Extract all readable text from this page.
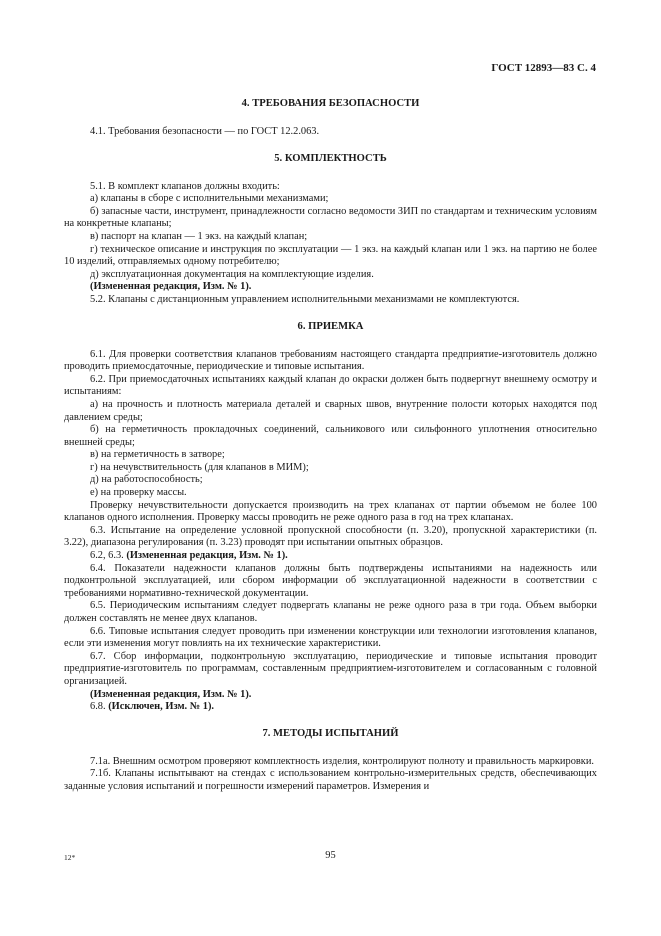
ГОСТ 12893—83 С. 4
4. ТРЕБОВАНИЯ БЕЗОПАСНОСТИ

4.1. Требования безопасности — по ГОСТ 12.2.063.

5. КОМПЛЕКТНОСТЬ

5.1. В комплект клапанов должны входить:

а) клапаны в сборе с исполнительными механизмами;

б) запасные части, инструмент, принадлежности согласно ведомости ЗИП по стандартам и техническим условиям на конкретные клапаны;

в) паспорт на клапан — 1 экз. на каждый клапан;

г) техническое описание и инструкция по эксплуатации — 1 экз. на каждый клапан или 1 экз. на партию не более 10 изделий, отправляемых одному потребителю;

д) эксплуатационная документация на комплектующие изделия.

(Измененная редакция, Изм. № 1).

5.2. Клапаны с дистанционным управлением исполнительными механизмами не комплектуются.

6. ПРИЕМКА

6.1. Для проверки соответствия клапанов требованиям настоящего стандарта предприятие-изготовитель должно проводить приемосдаточные, периодические и типовые испытания.

6.2. При приемосдаточных испытаниях каждый клапан до окраски должен быть подвергнут внешнему осмотру и испытаниям:

а) на прочность и плотность материала деталей и сварных швов, внутренние полости которых находятся под давлением среды;

б) на герметичность прокладочных соединений, сальникового или сильфонного уплотнения относительно внешней среды;

в) на герметичность в затворе;

г) на нечувствительность (для клапанов в МИМ);

д) на работоспособность;

е) на проверку массы.

Проверку нечувствительности допускается производить на трех клапанах от партии объемом не более 100 клапанов одного исполнения. Проверку массы проводить не реже одного раза в год на трех клапанах.

6.3. Испытание на определение условной пропускной способности (п. 3.20), пропускной характеристики (п. 3.22), диапазона регулирования (п. 3.23) проводят при испытании опытных образцов.

6.2, 6.3. (Измененная редакция, Изм. № 1).

6.4. Показатели надежности клапанов должны быть подтверждены испытаниями на надежность или подконтрольной эксплуатацией, или сбором информации об эксплуатационной надежности в соответствии с требованиями нормативно-технической документации.

6.5. Периодическим испытаниям следует подвергать клапаны не реже одного раза в три года. Объем выборки должен составлять не менее двух клапанов.

6.6. Типовые испытания следует проводить при изменении конструкции или технологии изготовления клапанов, если эти изменения могут повлиять на их технические характеристики.

6.7. Сбор информации, подконтрольную эксплуатацию, периодические и типовые испытания проводит предприятие-изготовитель по программам, составленным предприятием-изготовителем и согласованным с головной организацией.

(Измененная редакция, Изм. № 1).

6.8. (Исключен, Изм. № 1).

7. МЕТОДЫ ИСПЫТАНИЙ

7.1а. Внешним осмотром проверяют комплектность изделия, контролируют полноту и правильность маркировки.

7.1б. Клапаны испытывают на стендах с использованием контрольно-измерительных средств, обеспечивающих заданные условия испытаний и погрешности измерений параметров. Измерения и

12*	95
